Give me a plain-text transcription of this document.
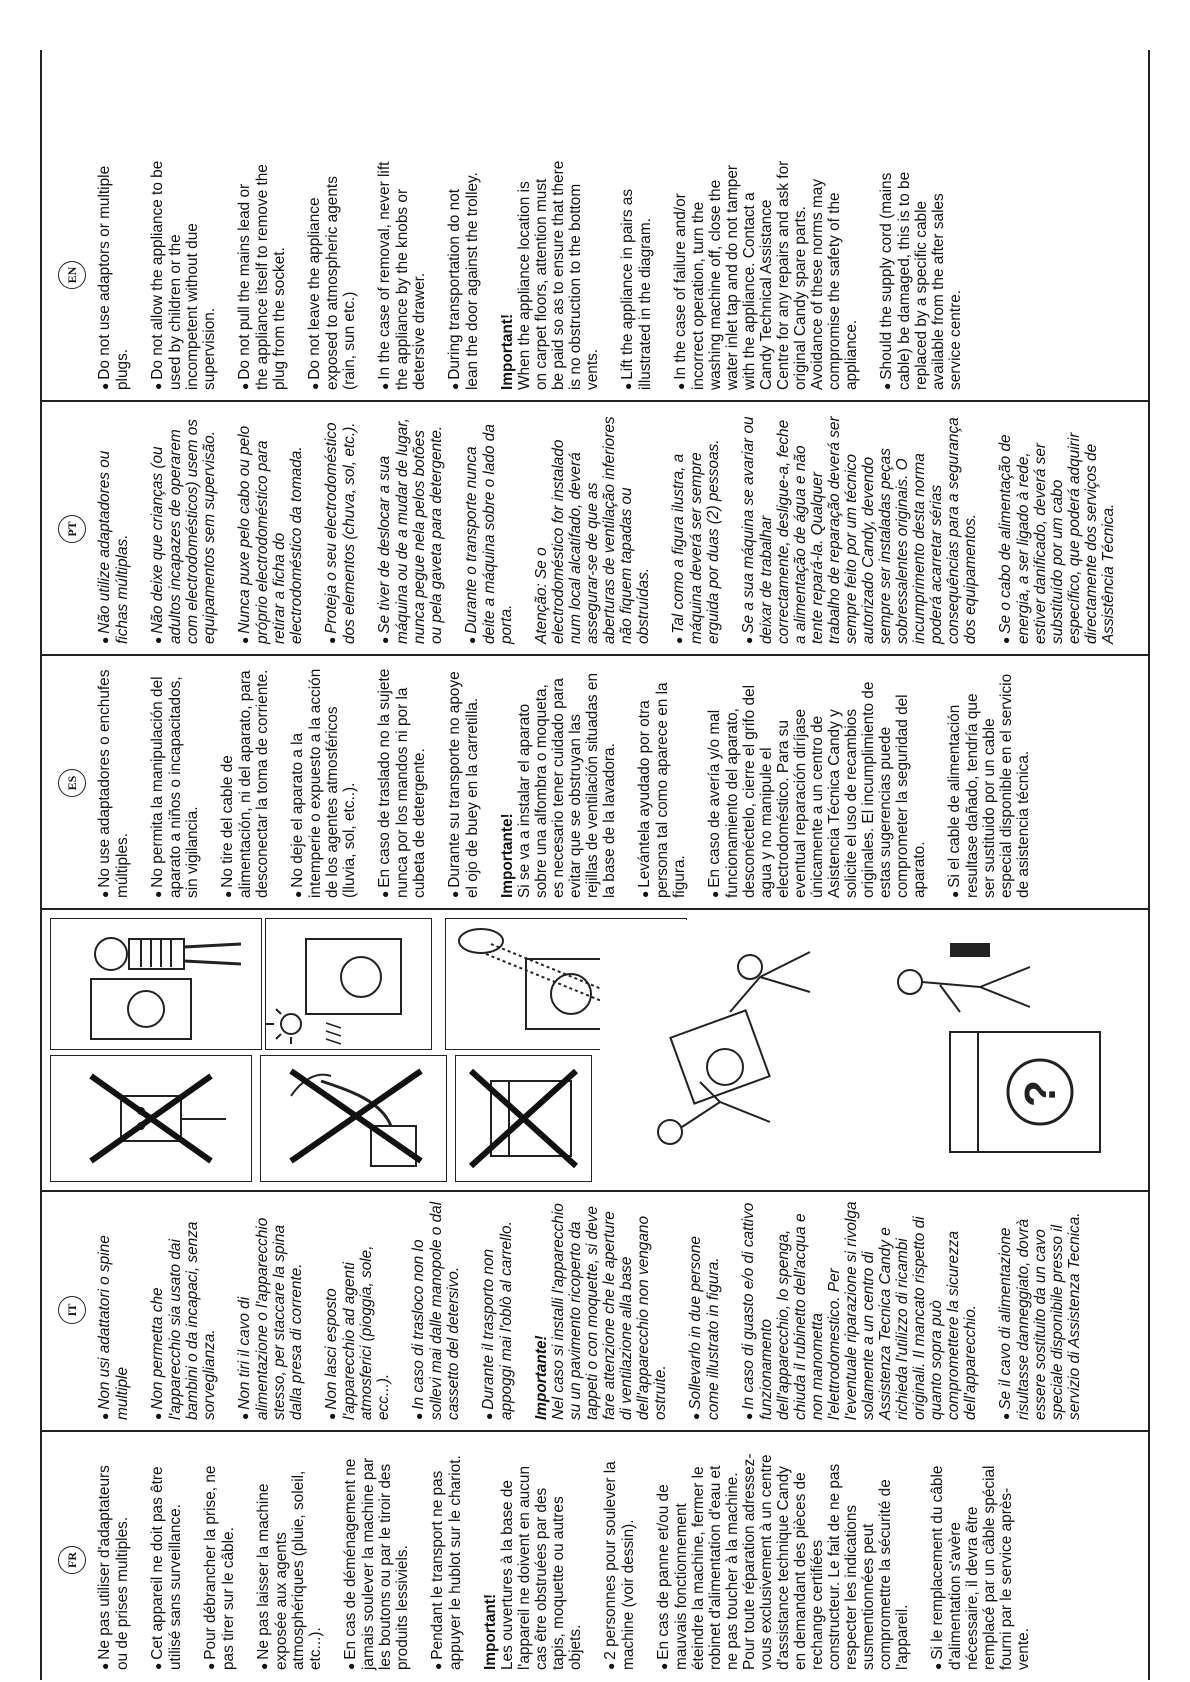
FR

●Ne pas utiliser d'adaptateurs ou de prises multiples. ●Cet appareil ne doit pas être utilisé sans surveillance. ●Pour débrancher la prise, ne pas tirer sur le câble. ●Ne pas laisser la machine exposée aux agents atmosphériques (pluie, soleil, etc...). ●En cas de déménagement ne jamais soulever la machine par les boutons ou par le tiroir des produits lessiviels. ●Pendant le transport ne pas appuyer le hublot sur le chariot. Important! Les ouvertures à la base de l'appareil ne doivent en aucun cas être obstruées par des tapis, moquette ou autres objets. ●2 personnes pour soulever la machine (voir dessin). ●En cas de panne et/ou de mauvais fonctionnement éteindre la machine, fermer le robinet d'alimentation d'eau et ne pas toucher à la machine. Pour toute réparation adressez-vous exclusivement à un centre d'assistance technique Candy en demandant des pièces de rechange certifiées constructeur. Le fait de ne pas respecter les indications susmentionnées peut compromettre la sécurité de l'appareil. ●Si le remplacement du câble d'alimentation s'avère nécessaire, il devra être remplacé par un câble spécial fourni par le service après-vente.

IT

●Non usi adattatori o spine multiple ●Non permetta che l'apparecchio sia usato dai bambini o da incapaci, senza sorveglianza. ●Non tiri il cavo di alimentazione o l'apparecchio stesso, per staccare la spina dalla presa di corrente. ●Non lasci esposto l'apparecchio ad agenti atmosferici (pioggia, sole, ecc...). ●In caso di trasloco non lo sollevi mai dalle manopole o dal cassetto del detersivo. ●Durante il trasporto non appoggi mai l'oblò al carrello. Importante! Nel caso si installi l'apparecchio su un pavimento ricoperto da tappeti o con moquette, si deve fare attenzione che le aperture di ventilazione alla base dell'apparecchio non vengano ostruite. ●Sollevarlo in due persone come illustrato in figura. ●In caso di guasto e/o di cattivo funzionamento dell'apparecchio, lo spenga, chiuda il rubinetto dell'acqua e non manometta l'elettrodomestico. Per l'eventuale riparazione si rivolga solamente a un centro di Assistenza Tecnica Candy e richieda l'utilizzo di ricambi originali. Il mancato rispetto di quanto sopra può compromettere la sicurezza dell'apparecchio. ●Se il cavo di alimentazione risultasse danneggiato, dovrà essere sostituito da un cavo speciale disponibile presso il servizio di Assistenza Tecnica.

?
ES

●No use adaptadores o enchufes múltiples. ●No permita la manipulación del aparato a niños o incapacitados, sin vigilancia. ●No tire del cable de alimentación, ni del aparato, para desconectar la toma de corriente. ●No deje el aparato a la intemperie o expuesto a la acción de los agentes atmosféricos (lluvia, sol, etc..). ●En caso de traslado no la sujete nunca por los mandos ni por la cubeta de detergente. ●Durante su transporte no apoye el ojo de buey en la carretilla. Importante! Si se va a instalar el aparato sobre una alfombra o moqueta, es necesario tener cuidado para evitar que se obstruyan las rejillas de ventilación situadas en la base de la lavadora. ●Levántela ayudado por otra persona tal como aparece en la figura. ●En caso de avería y/o mal funcionamiento del aparato, desconéctelo, cierre el grifo del agua y no manipule el electrodoméstico. Para su eventual reparación diríjase únicamente a un centro de Asistencia Técnica Candy y solicite el uso de recambios originales. El incumplimiento de estas sugerencias puede comprometer la seguridad del aparato. ●Si el cable de alimentación resultase dañado, tendría que ser sustituido por un cable especial disponible en el servicio de asistencia técnica.

PT

●Não utilize adaptadores ou fichas múltiplas. ●Não deixe que crianças (ou adultos incapazes de operarem com electrodomésticos) usem os equipamentos sem supervisão. ●Nunca puxe pelo cabo ou pelo próprio electrodoméstico para retirar a ficha do electrodoméstico da tomada. ●Proteja o seu electrodoméstico dos elementos (chuva, sol, etc.). ●Se tiver de deslocar a sua máquina ou de a mudar de lugar, nunca pegue nela pelos botões ou pela gaveta para detergente. ●Durante o transporte nunca deite a máquina sobre o lado da porta. Atenção: Se o electrodoméstico for instalado num local alcatifado, deverá assegurar-se de que as aberturas de ventilação inferiores não fiquem tapadas ou obstruídas. ●Tal como a figura ilustra, a máquina deverá ser sempre erguida por duas (2) pessoas. ●Se a sua máquina se avariar ou deixar de trabalhar correctamente, desligue-a, feche a alimentação de água e não tente repará-la. Qualquer trabalho de reparação deverá ser sempre feito por um técnico autorizado Candy, devendo sempre ser instaladas peças sobressalentes originais. O incumprimento desta norma poderá acarretar sérias consequências para a segurança dos equipamentos. ●Se o cabo de alimentação de energia, a ser ligado à rede, estiver danificado, deverá ser substituído por um cabo específico, que poderá adquirir directamente dos serviços de Assistência Técnica.

EN

●Do not use adaptors or multiple plugs. ●Do not allow the appliance to be used by children or the incompetent without due supervision. ●Do not pull the mains lead or the appliance itself to remove the plug from the socket. ●Do not leave the appliance exposed to atmospheric agents (rain, sun etc.) ●In the case of removal, never lift the appliance by the knobs or detersive drawer. ●During transportation do not lean the door against the trolley. Important! When the appliance location is on carpet floors, attention must be paid so as to ensure that there is no obstruction to the bottom vents. ●Lift the appliance in pairs as illustrated in the diagram. ●In the case of failure and/or incorrect operation, turn the washing machine off, close the water inlet tap and do not tamper with the appliance. Contact a Candy Technical Assistance Centre for any repairs and ask for original Candy spare parts. Avoidance of these norms may compromise the safety of the appliance. ●Should the supply cord (mains cable) be damaged, this is to be replaced by a specific cable available from the after sales service centre.
